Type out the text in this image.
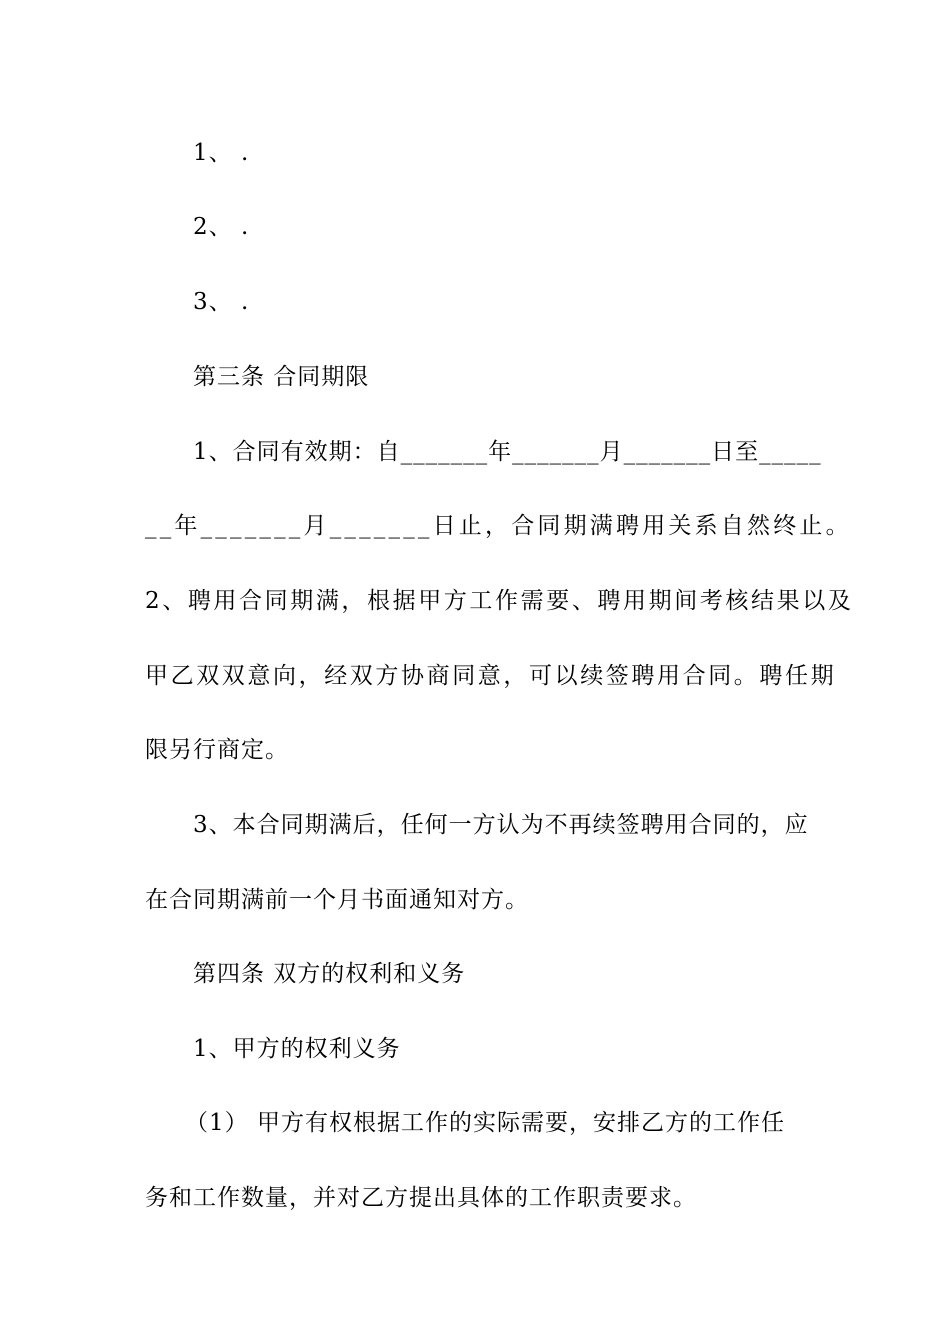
1、 .
2、 .
3、 .
第三条 合同期限
1、合同有效期：自_______年_______月_______日至_____
__年_______月_______日止，合同期满聘用关系自然终止。
2、聘用合同期满，根据甲方工作需要、聘用期间考核结果以及
甲乙双双意向，经双方协商同意，可以续签聘用合同。聘任期
限另行商定。
3、本合同期满后，任何一方认为不再续签聘用合同的，应
在合同期满前一个月书面通知对方。
第四条 双方的权利和义务
1、甲方的权利义务
（1） 甲方有权根据工作的实际需要，安排乙方的工作任
务和工作数量，并对乙方提出具体的工作职责要求。
